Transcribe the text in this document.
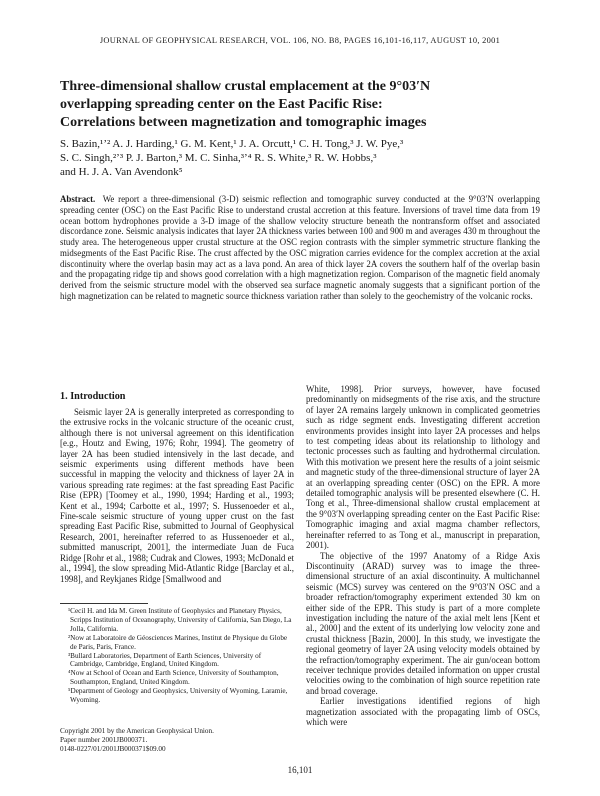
JOURNAL OF GEOPHYSICAL RESEARCH, VOL. 106, NO. B8, PAGES 16,101-16,117, AUGUST 10, 2001
Three-dimensional shallow crustal emplacement at the 9°03′N
overlapping spreading center on the East Pacific Rise:
Correlations between magnetization and tomographic images
S. Bazin,¹ʼ² A. J. Harding,¹ G. M. Kent,¹ J. A. Orcutt,¹ C. H. Tong,³ J. W. Pye,³
S. C. Singh,²ʼ³ P. J. Barton,³ M. C. Sinha,³ʼ⁴ R. S. White,³ R. W. Hobbs,³
and H. J. A. Van Avendonk⁵
Abstract. We report a three-dimensional (3-D) seismic reflection and tomographic survey conducted at the 9°03′N overlapping spreading center (OSC) on the East Pacific Rise to understand crustal accretion at this feature. Inversions of travel time data from 19 ocean bottom hydrophones provide a 3-D image of the shallow velocity structure beneath the nontransform offset and associated discordance zone. Seismic analysis indicates that layer 2A thickness varies between 100 and 900 m and averages 430 m throughout the study area. The heterogeneous upper crustal structure at the OSC region contrasts with the simpler symmetric structure flanking the midsegments of the East Pacific Rise. The crust affected by the OSC migration carries evidence for the complex accretion at the axial discontinuity where the overlap basin may act as a lava pond. An area of thick layer 2A covers the southern half of the overlap basin and the propagating ridge tip and shows good correlation with a high magnetization region. Comparison of the magnetic field anomaly derived from the seismic structure model with the observed sea surface magnetic anomaly suggests that a significant portion of the high magnetization can be related to magnetic source thickness variation rather than solely to the geochemistry of the volcanic rocks.
1. Introduction

Seismic layer 2A is generally interpreted as corresponding to the extrusive rocks in the volcanic structure of the oceanic crust, although there is not universal agreement on this identification [e.g., Houtz and Ewing, 1976; Rohr, 1994]. The geometry of layer 2A has been studied intensively in the last decade, and seismic experiments using different methods have been successful in mapping the velocity and thickness of layer 2A in various spreading rate regimes: at the fast spreading East Pacific Rise (EPR) [Toomey et al., 1990, 1994; Harding et al., 1993; Kent et al., 1994; Carbotte et al., 1997; S. Hussenoeder et al., Fine-scale seismic structure of young upper crust on the fast spreading East Pacific Rise, submitted to Journal of Geophysical Research, 2001, hereinafter referred to as Hussenoeder et al., submitted manuscript, 2001], the intermediate Juan de Fuca Ridge [Rohr et al., 1988; Cudrak and Clowes, 1993; McDonald et al., 1994], the slow spreading Mid-Atlantic Ridge [Barclay et al., 1998], and Reykjanes Ridge [Smallwood and

¹Cecil H. and Ida M. Green Institute of Geophysics and Planetary Physics, Scripps Institution of Oceanography, University of California, San Diego, La Jolla, California.
²Now at Laboratoire de Géosciences Marines, Institut de Physique du Globe de Paris, Paris, France.
³Bullard Laboratories, Department of Earth Sciences, University of Cambridge, Cambridge, England, United Kingdom.
⁴Now at School of Ocean and Earth Science, University of Southampton, Southampton, England, United Kingdom.
⁵Department of Geology and Geophysics, University of Wyoming, Laramie, Wyoming.
Copyright 2001 by the American Geophysical Union.
Paper number 2001JB000371.
0148-0227/01/2001JB000371$09.00

White, 1998]. Prior surveys, however, have focused predominantly on midsegments of the rise axis, and the structure of layer 2A remains largely unknown in complicated geometries such as ridge segment ends. Investigating different accretion environments provides insight into layer 2A processes and helps to test competing ideas about its relationship to lithology and tectonic processes such as faulting and hydrothermal circulation. With this motivation we present here the results of a joint seismic and magnetic study of the three-dimensional structure of layer 2A at an overlapping spreading center (OSC) on the EPR. A more detailed tomographic analysis will be presented elsewhere (C. H. Tong et al., Three-dimensional shallow crustal emplacement at the 9°03′N overlapping spreading center on the East Pacific Rise: Tomographic imaging and axial magma chamber reflectors, hereinafter referred to as Tong et al., manuscript in preparation, 2001).

The objective of the 1997 Anatomy of a Ridge Axis Discontinuity (ARAD) survey was to image the three-dimensional structure of an axial discontinuity. A multichannel seismic (MCS) survey was centered on the 9°03′N OSC and a broader refraction/tomography experiment extended 30 km on either side of the EPR. This study is part of a more complete investigation including the nature of the axial melt lens [Kent et al., 2000] and the extent of its underlying low velocity zone and crustal thickness [Bazin, 2000]. In this study, we investigate the regional geometry of layer 2A using velocity models obtained by the refraction/tomography experiment. The air gun/ocean bottom receiver technique provides detailed information on upper crustal velocities owing to the combination of high source repetition rate and broad coverage.

Earlier investigations identified regions of high magnetization associated with the propagating limb of OSCs, which were

16,101
